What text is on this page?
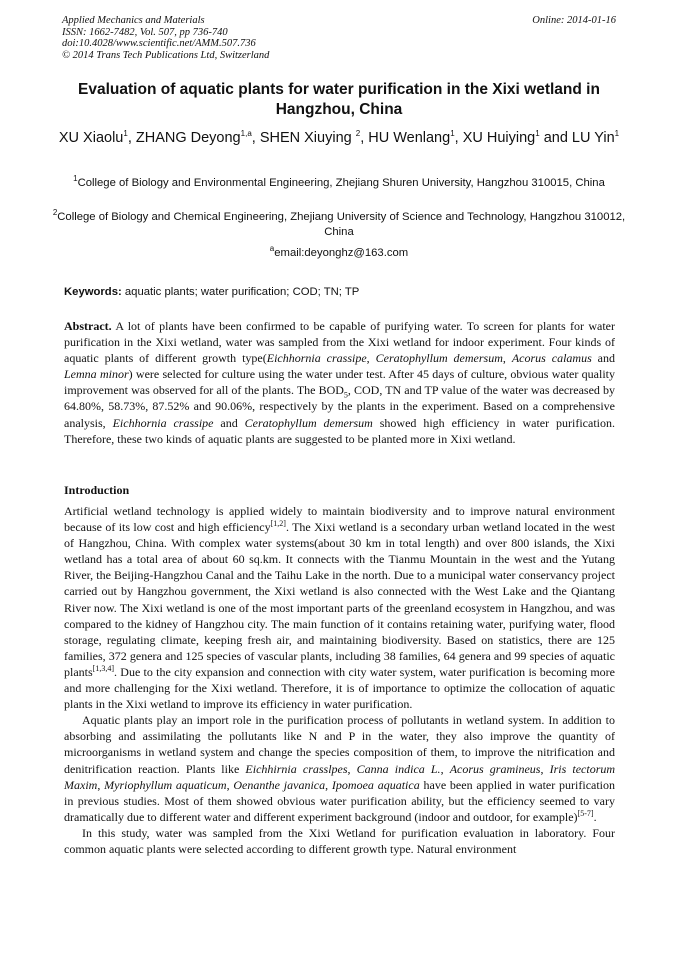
Applied Mechanics and Materials
ISSN: 1662-7482, Vol. 507, pp 736-740
doi:10.4028/www.scientific.net/AMM.507.736
© 2014 Trans Tech Publications Ltd, Switzerland
Online: 2014-01-16
Evaluation of aquatic plants for water purification in the Xixi wetland in Hangzhou, China
XU Xiaolu$^1$, ZHANG Deyong$^{1,a}$, SHEN Xiuying $^2$, HU Wenlang$^1$, XU Huiying$^1$ and LU Yin$^1$
$^1$College of Biology and Environmental Engineering, Zhejiang Shuren University, Hangzhou 310015, China
$^2$College of Biology and Chemical Engineering, Zhejiang University of Science and Technology, Hangzhou 310012, China
$^a$email:deyonghz@163.com
Keywords: aquatic plants; water purification; COD; TN; TP
Abstract. A lot of plants have been confirmed to be capable of purifying water. To screen for plants for water purification in the Xixi wetland, water was sampled from the Xixi wetland for indoor experiment. Four kinds of aquatic plants of different growth type(Eichhornia crassipe, Ceratophyllum demersum, Acorus calamus and Lemna minor) were selected for culture using the water under test. After 45 days of culture, obvious water quality improvement was observed for all of the plants. The $BOD_5$, COD, TN and TP value of the water was decreased by 64.80%, 58.73%, 87.52% and 90.06%, respectively by the plants in the experiment. Based on a comprehensive analysis, Eichhornia crassipe and Ceratophyllum demersum showed high efficiency in water purification. Therefore, these two kinds of aquatic plants are suggested to be planted more in Xixi wetland.
Introduction

Artificial wetland technology is applied widely to maintain biodiversity and to improve natural environment because of its low cost and high efficiency[1,2]. The Xixi wetland is a secondary urban wetland located in the west of Hangzhou, China. With complex water systems(about 30 km in total length) and over 800 islands, the Xixi wetland has a total area of about 60 sq.km. It connects with the Tianmu Mountain in the west and the Yutang River, the Beijing-Hangzhou Canal and the Taihu Lake in the north. Due to a municipal water conservancy project carried out by Hangzhou government, the Xixi wetland is also connected with the West Lake and the Qiantang River now. The Xixi wetland is one of the most important parts of the greenland ecosystem in Hangzhou, and was compared to the kidney of Hangzhou city. The main function of it contains retaining water, purifying water, flood storage, regulating climate, keeping fresh air, and maintaining biodiversity. Based on statistics, there are 125 families, 372 genera and 125 species of vascular plants, including 38 families, 64 genera and 99 species of aquatic plants[1,3,4]. Due to the city expansion and connection with city water system, water purification is becoming more and more challenging for the Xixi wetland. Therefore, it is of importance to optimize the collocation of aquatic plants in the Xixi wetland to improve its efficiency in water purification.

Aquatic plants play an import role in the purification process of pollutants in wetland system. In addition to absorbing and assimilating the pollutants like N and P in the water, they also improve the quantity of microorganisms in wetland system and change the species composition of them, to improve the nitrification and denitrification reaction. Plants like Eichhirnia crasslpes, Canna indica L., Acorus gramineus, Iris tectorum Maxim, Myriophyllum aquaticum, Oenanthe javanica, Ipomoea aquatica have been applied in water purification in previous studies. Most of them showed obvious water purification ability, but the efficiency seemed to vary dramatically due to different water and different experiment background (indoor and outdoor, for example)[5-7].

In this study, water was sampled from the Xixi Wetland for purification evaluation in laboratory. Four common aquatic plants were selected according to different growth type. Natural environment
